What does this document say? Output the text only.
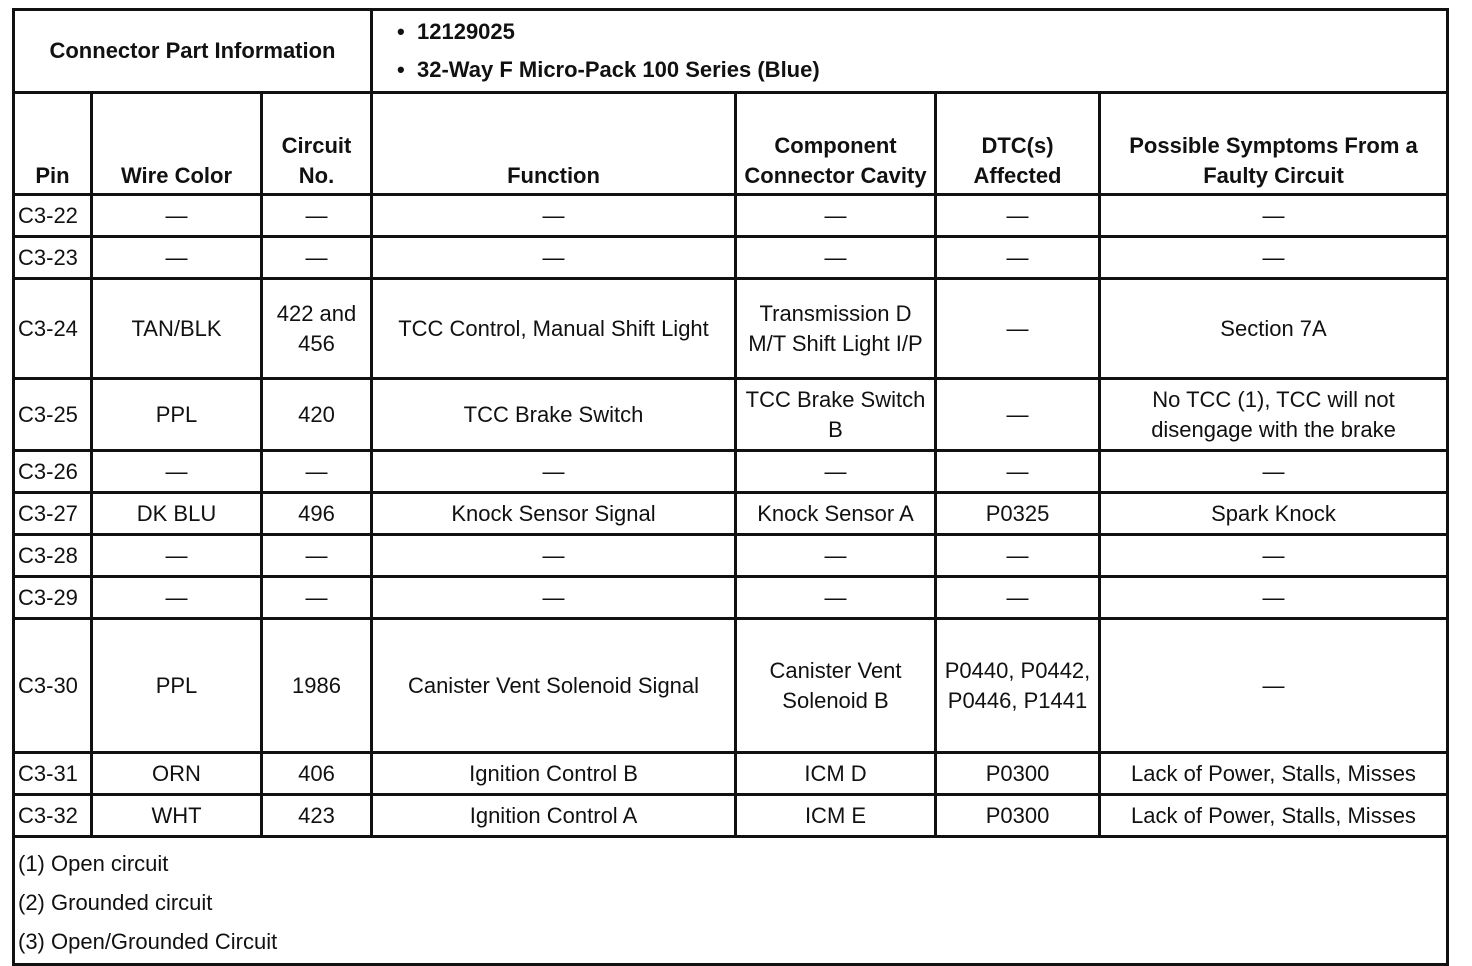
Connector Part Information			• 12129025
• 32-Way F Micro-Pack 100 Series (Blue)

Pin	Wire Color	Circuit No.	Function	Component Connector Cavity	DTC(s) Affected	Possible Symptoms From a Faulty Circuit
C3-22	—	—	—	—	—	—
C3-23	—	—	—	—	—	—
C3-24	TAN/BLK	422 and 456	TCC Control, Manual Shift Light	Transmission D M/T Shift Light I/P	—	Section 7A
C3-25	PPL	420	TCC Brake Switch	TCC Brake Switch B	—	No TCC (1), TCC will not disengage with the brake
C3-26	—	—	—	—	—	—
C3-27	DK BLU	496	Knock Sensor Signal	Knock Sensor A	P0325	Spark Knock
C3-28	—	—	—	—	—	—
C3-29	—	—	—	—	—	—
C3-30	PPL	1986	Canister Vent Solenoid Signal	Canister Vent Solenoid B	P0440, P0442, P0446, P1441	—
C3-31	ORN	406	Ignition Control B	ICM D	P0300	Lack of Power, Stalls, Misses
C3-32	WHT	423	Ignition Control A	ICM E	P0300	Lack of Power, Stalls, Misses

(1) Open circuit
(2) Grounded circuit
(3) Open/Grounded Circuit						
